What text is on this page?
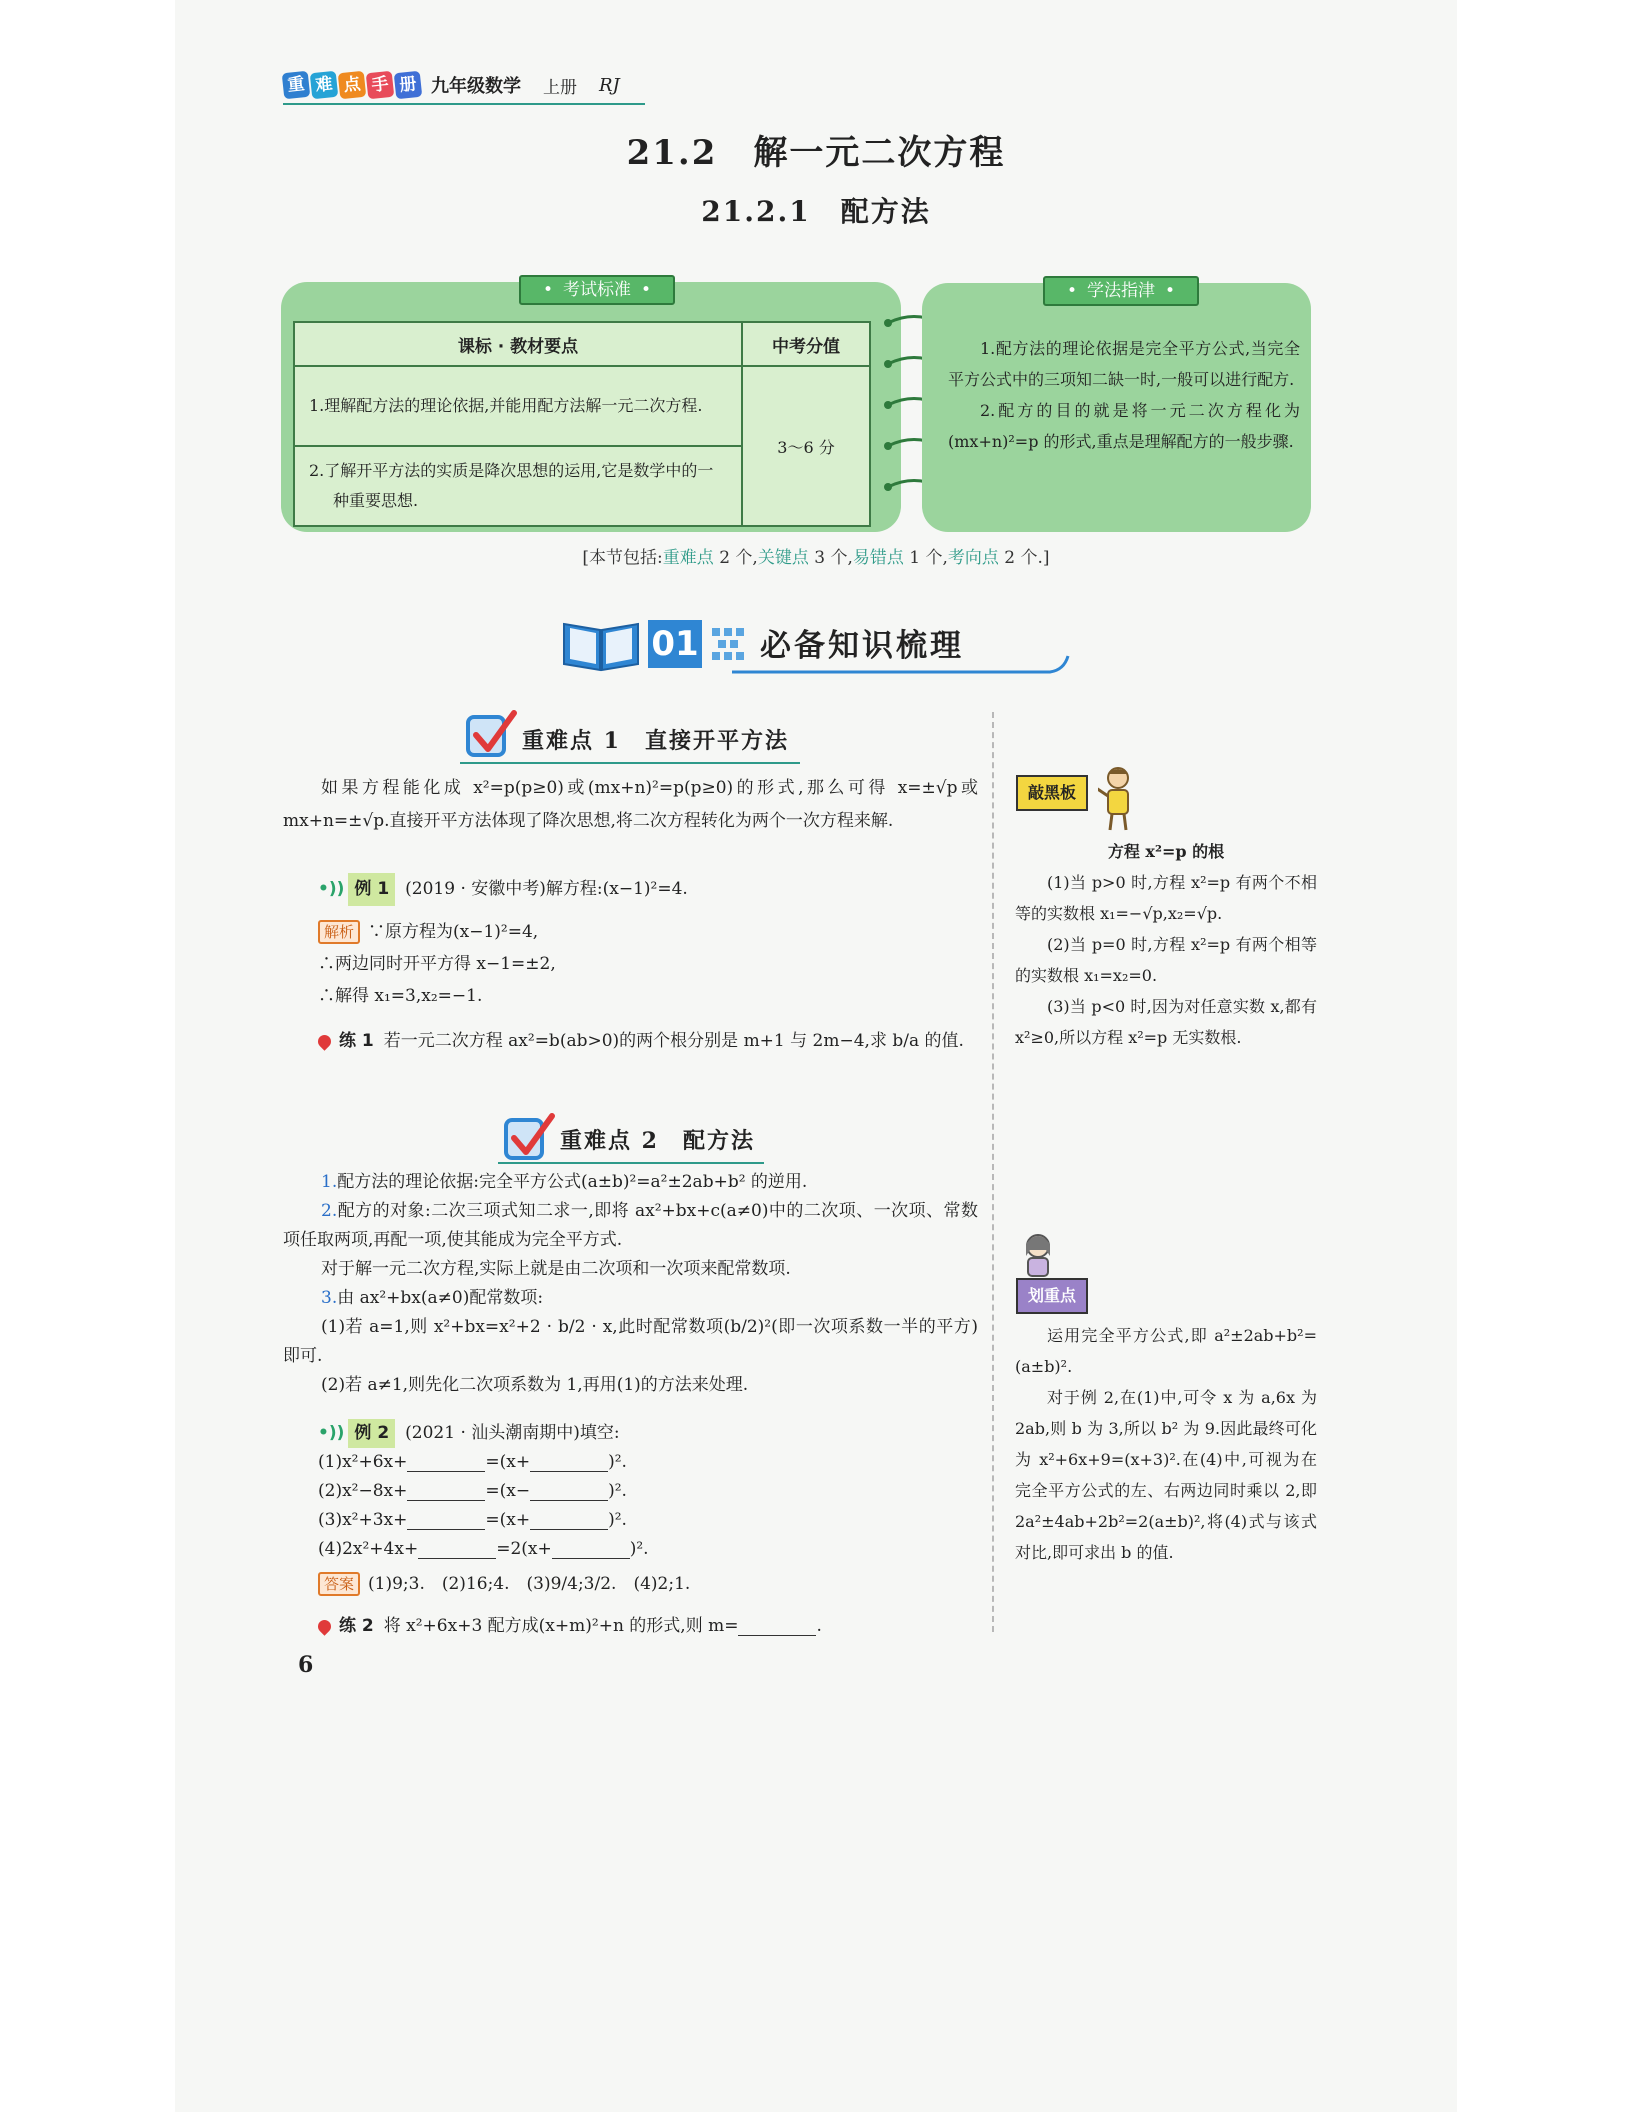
重 难 点 手 册 九年级数学 上册 RJ
21.2　解一元二次方程
21.2.1　配方法
• 考试标准 •
课标 · 教材要点	中考分值
1.理解配方法的理论依据,并能用配方法解一元二次方程.	3～6 分
2.了解开平方法的实质是降次思想的运用,它是数学中的一种重要思想.	
• 学法指津 •

1.配方法的理论依据是完全平方公式,当完全平方公式中的三项知二缺一时,一般可以进行配方.

2.配方的目的就是将一元二次方程化为(mx+n)²=p 的形式,重点是理解配方的一般步骤.

[本节包括:重难点 2 个,关键点 3 个,易错点 1 个,考向点 2 个.]
01 必备知识梳理
重难点 1　直接开平方法
如果方程能化成 x²=p(p≥0)或(mx+n)²=p(p≥0)的形式,那么可得 x=±√p或 mx+n=±√p.直接开平方法体现了降次思想,将二次方程转化为两个一次方程来解.
•)) 例 1 (2019 · 安徽中考)解方程:(x−1)²=4.
解析 ∵原方程为(x−1)²=4,
∴两边同时开平方得 x−1=±2,
∴解得 x₁=3,x₂=−1.
练 1 若一元二次方程 ax²=b(ab>0)的两个根分别是 m+1 与 2m−4,求 b/a 的值.
重难点 2　配方法
1.配方法的理论依据:完全平方公式(a±b)²=a²±2ab+b² 的逆用.
2.配方的对象:二次三项式知二求一,即将 ax²+bx+c(a≠0)中的二次项、一次项、常数项任取两项,再配一项,使其能成为完全平方式.
对于解一元二次方程,实际上就是由二次项和一次项来配常数项.
3.由 ax²+bx(a≠0)配常数项:
(1)若 a=1,则 x²+bx=x²+2 · b/2 · x,此时配常数项(b/2)²(即一次项系数一半的平方)即可.
(2)若 a≠1,则先化二次项系数为 1,再用(1)的方法来处理.
•)) 例 2 (2021 · 汕头潮南期中)填空:
(1)x²+6x+	=(x+	)².
(2)x²−8x+	=(x−	)².
(3)x²+3x+	=(x+	)².
(4)2x²+4x+	=2(x+	)².
答案 (1)9;3.　(2)16;4.　(3)9/4;3/2.　(4)2;1.
练 2 将 x²+6x+3 配方成(x+m)²+n 的形式,则 m=	.
敲黑板
方程 x²=p 的根

(1)当 p>0 时,方程 x²=p 有两个不相等的实数根 x₁=−√p,x₂=√p.

(2)当 p=0 时,方程 x²=p 有两个相等的实数根 x₁=x₂=0.

(3)当 p<0 时,因为对任意实数 x,都有 x²≥0,所以方程 x²=p 无实数根.

划重点

运用完全平方公式,即 a²±2ab+b²=(a±b)².

对于例 2,在(1)中,可令 x 为 a,6x 为 2ab,则 b 为 3,所以 b² 为 9.因此最终可化为 x²+6x+9=(x+3)².在(4)中,可视为在完全平方公式的左、右两边同时乘以 2,即 2a²±4ab+2b²=2(a±b)²,将(4)式与该式对比,即可求出 b 的值.

6
